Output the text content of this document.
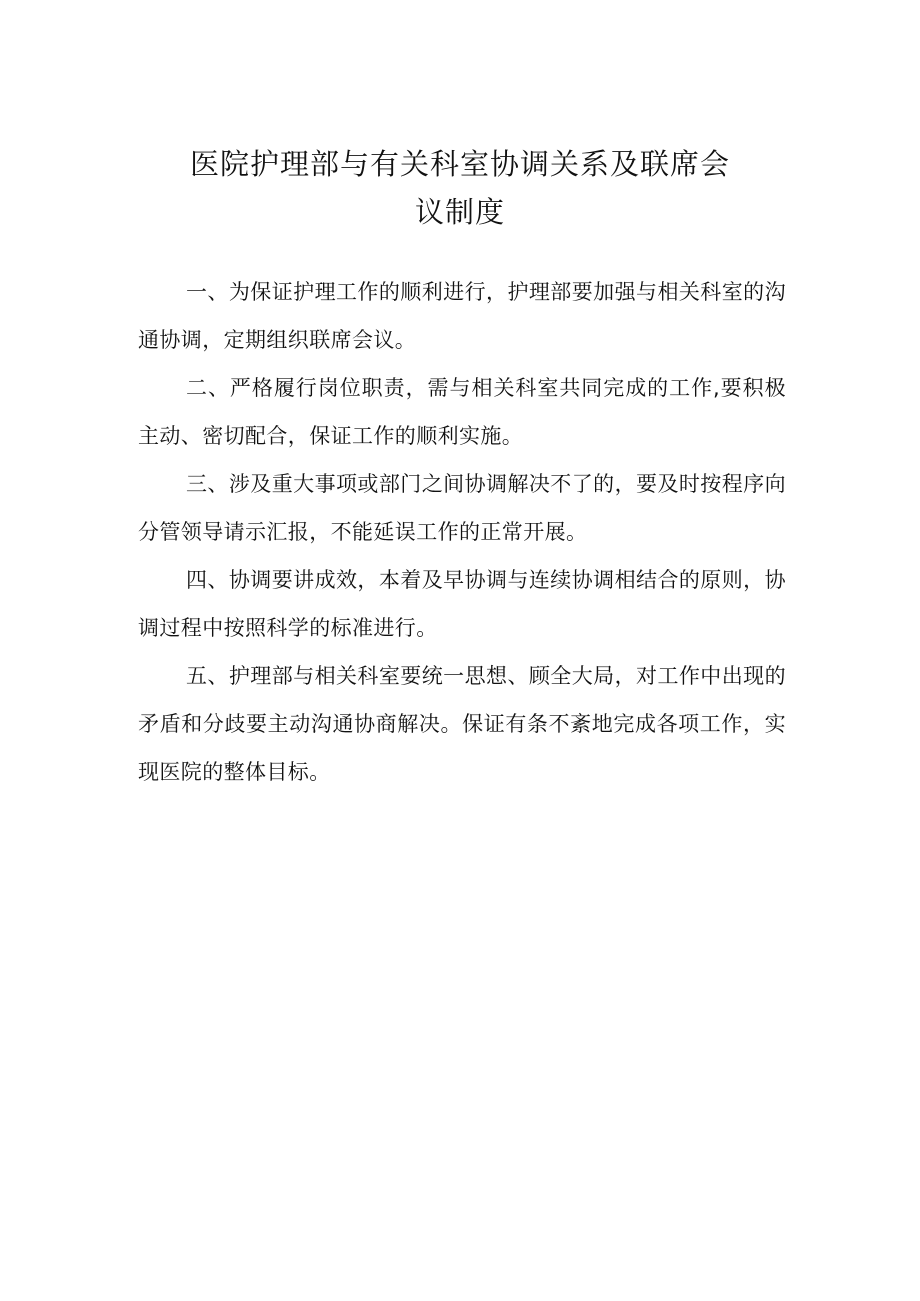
医院护理部与有关科室协调关系及联席会
议制度

一、为保证护理工作的顺利进行，护理部要加强与相关科室的沟通协调，定期组织联席会议。

二、严格履行岗位职责，需与相关科室共同完成的工作,要积极主动、密切配合，保证工作的顺利实施。

三、涉及重大事项或部门之间协调解决不了的，要及时按程序向分管领导请示汇报，不能延误工作的正常开展。

四、协调要讲成效，本着及早协调与连续协调相结合的原则，协调过程中按照科学的标准进行。

五、护理部与相关科室要统一思想、顾全大局，对工作中出现的矛盾和分歧要主动沟通协商解决。保证有条不紊地完成各项工作，实现医院的整体目标。
